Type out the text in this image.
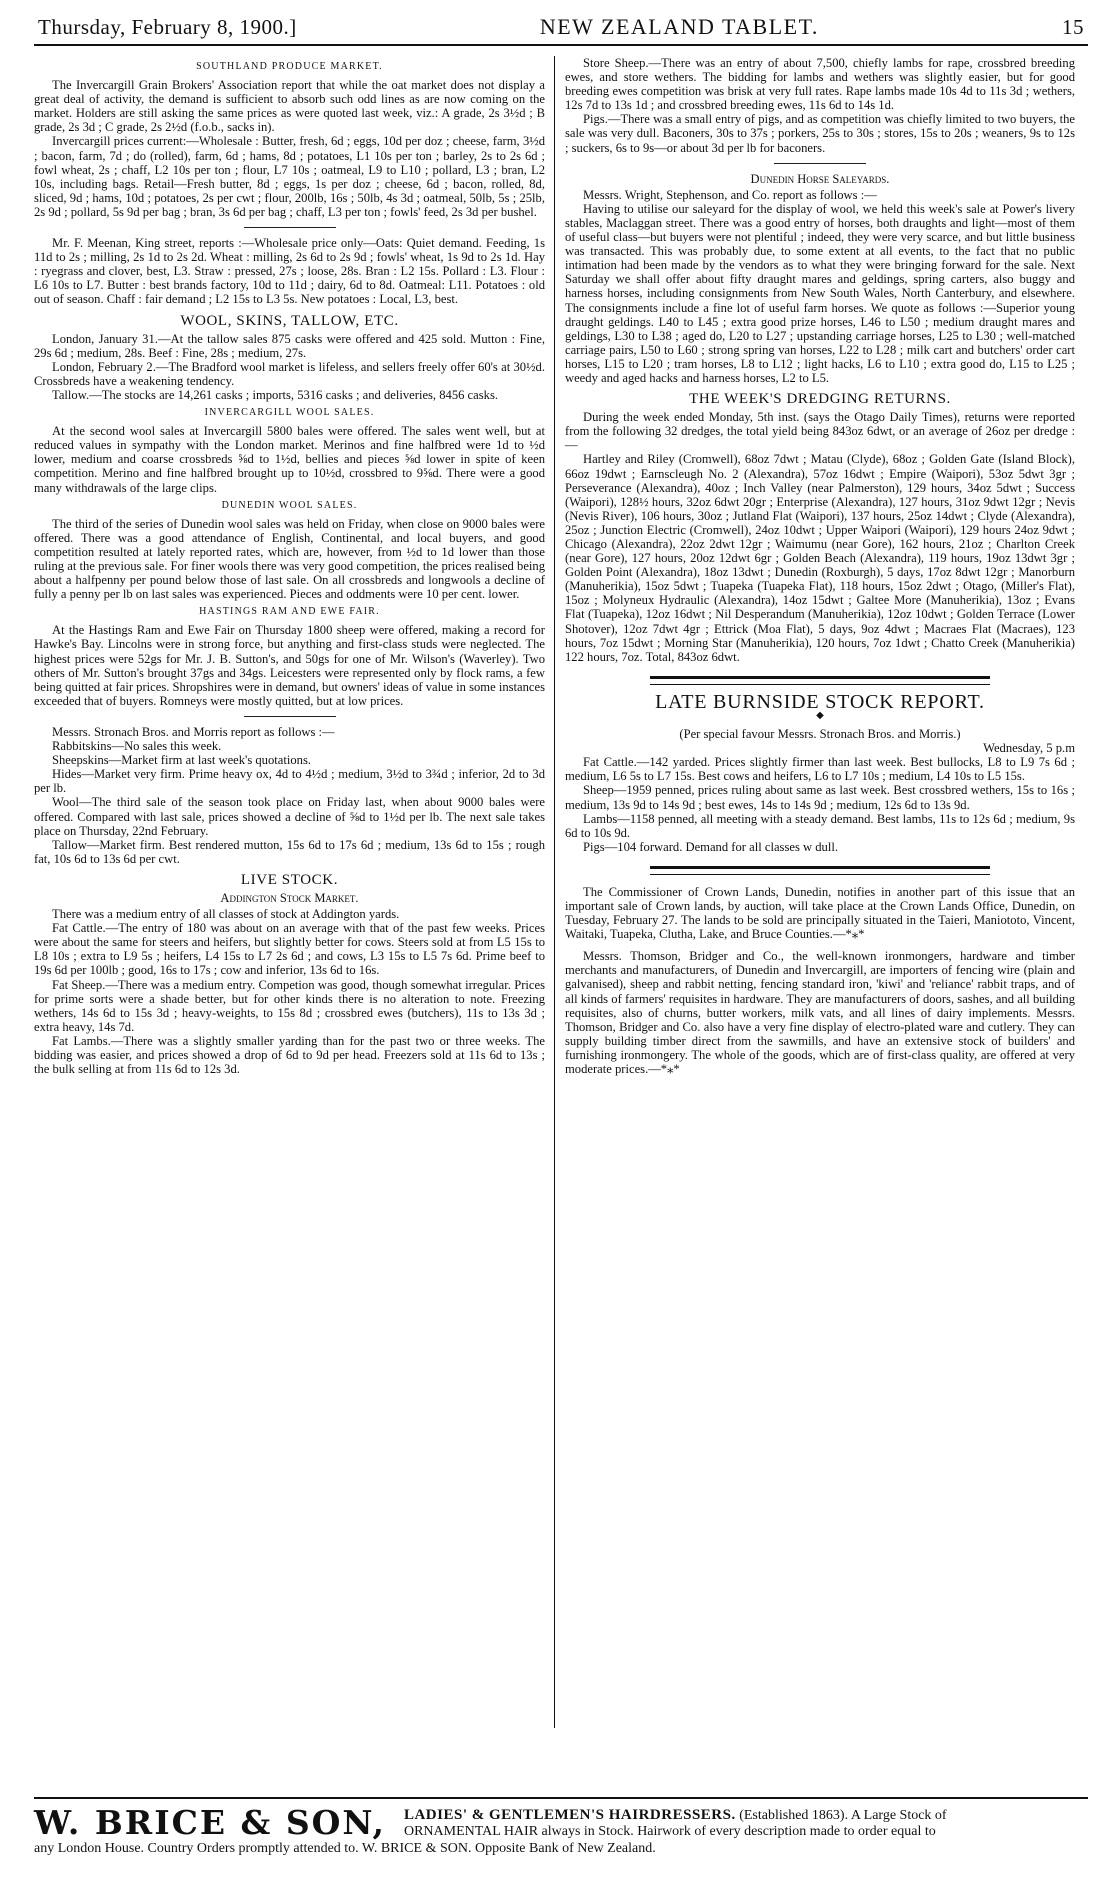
Thursday, February 8, 1900.]	NEW ZEALAND TABLET.	15
SOUTHLAND PRODUCE MARKET.

The Invercargill Grain Brokers' Association report that while the oat market does not display a great deal of activity, the demand is sufficient to absorb such odd lines as are now coming on the market. Holders are still asking the same prices as were quoted last week, viz.: A grade, 2s 3½d ; B grade, 2s 3d ; C grade, 2s 2½d (f.o.b., sacks in).

Invercargill prices current:—Wholesale : Butter, fresh, 6d ; eggs, 10d per doz ; cheese, farm, 3½d ; bacon, farm, 7d ; do (rolled), farm, 6d ; hams, 8d ; potatoes, L1 10s per ton ; barley, 2s to 2s 6d ; fowl wheat, 2s ; chaff, L2 10s per ton ; flour, L7 10s ; oatmeal, L9 to L10 ; pollard, L3 ; bran, L2 10s, including bags. Retail—Fresh butter, 8d ; eggs, 1s per doz ; cheese, 6d ; bacon, rolled, 8d, sliced, 9d ; hams, 10d ; potatoes, 2s per cwt ; flour, 200lb, 16s ; 50lb, 4s 3d ; oatmeal, 50lb, 5s ; 25lb, 2s 9d ; pollard, 5s 9d per bag ; bran, 3s 6d per bag ; chaff, L3 per ton ; fowls' feed, 2s 3d per bushel.

Mr. F. Meenan, King street, reports :—Wholesale price only—Oats: Quiet demand. Feeding, 1s 11d to 2s ; milling, 2s 1d to 2s 2d. Wheat : milling, 2s 6d to 2s 9d ; fowls' wheat, 1s 9d to 2s 1d. Hay : ryegrass and clover, best, L3. Straw : pressed, 27s ; loose, 28s. Bran : L2 15s. Pollard : L3. Flour : L6 10s to L7. Butter : best brands factory, 10d to 11d ; dairy, 6d to 8d. Oatmeal: L11. Potatoes : old out of season. Chaff : fair demand ; L2 15s to L3 5s. New potatoes : Local, L3, best.

WOOL, SKINS, TALLOW, ETC.

London, January 31.—At the tallow sales 875 casks were offered and 425 sold. Mutton : Fine, 29s 6d ; medium, 28s. Beef : Fine, 28s ; medium, 27s.

London, February 2.—The Bradford wool market is lifeless, and sellers freely offer 60's at 30½d. Crossbreds have a weakening tendency.

Tallow.—The stocks are 14,261 casks ; imports, 5316 casks ; and deliveries, 8456 casks.

INVERCARGILL WOOL SALES.

At the second wool sales at Invercargill 5800 bales were offered. The sales went well, but at reduced values in sympathy with the London market. Merinos and fine halfbred were 1d to ½d lower, medium and coarse crossbreds ⅝d to 1½d, bellies and pieces ⅝d lower in spite of keen competition. Merino and fine halfbred brought up to 10½d, crossbred to 9⅝d. There were a good many withdrawals of the large clips.

DUNEDIN WOOL SALES.

The third of the series of Dunedin wool sales was held on Friday, when close on 9000 bales were offered. There was a good attendance of English, Continental, and local buyers, and good competition resulted at lately reported rates, which are, however, from ½d to 1d lower than those ruling at the previous sale. For finer wools there was very good competition, the prices realised being about a halfpenny per pound below those of last sale. On all crossbreds and longwools a decline of fully a penny per lb on last sales was experienced. Pieces and oddments were 10 per cent. lower.

HASTINGS RAM AND EWE FAIR.

At the Hastings Ram and Ewe Fair on Thursday 1800 sheep were offered, making a record for Hawke's Bay. Lincolns were in strong force, but anything and first-class studs were neglected. The highest prices were 52gs for Mr. J. B. Sutton's, and 50gs for one of Mr. Wilson's (Waverley). Two others of Mr. Sutton's brought 37gs and 34gs. Leicesters were represented only by flock rams, a few being quitted at fair prices. Shropshires were in demand, but owners' ideas of value in some instances exceeded that of buyers. Romneys were mostly quitted, but at low prices.

Messrs. Stronach Bros. and Morris report as follows :—

Rabbitskins—No sales this week.

Sheepskins—Market firm at last week's quotations.

Hides—Market very firm. Prime heavy ox, 4d to 4½d ; medium, 3½d to 3¾d ; inferior, 2d to 3d per lb.

Wool—The third sale of the season took place on Friday last, when about 9000 bales were offered. Compared with last sale, prices showed a decline of ⅝d to 1½d per lb. The next sale takes place on Thursday, 22nd February.

Tallow—Market firm. Best rendered mutton, 15s 6d to 17s 6d ; medium, 13s 6d to 15s ; rough fat, 10s 6d to 13s 6d per cwt.

LIVE STOCK.
Addington Stock Market.

There was a medium entry of all classes of stock at Addington yards.

Fat Cattle.—The entry of 180 was about on an average with that of the past few weeks. Prices were about the same for steers and heifers, but slightly better for cows. Steers sold at from L5 15s to L8 10s ; extra to L9 5s ; heifers, L4 15s to L7 2s 6d ; and cows, L3 15s to L5 7s 6d. Prime beef to 19s 6d per 100lb ; good, 16s to 17s ; cow and inferior, 13s 6d to 16s.

Fat Sheep.—There was a medium entry. Competion was good, though somewhat irregular. Prices for prime sorts were a shade better, but for other kinds there is no alteration to note. Freezing wethers, 14s 6d to 15s 3d ; heavy-weights, to 15s 8d ; crossbred ewes (butchers), 11s to 13s 3d ; extra heavy, 14s 7d.

Fat Lambs.—There was a slightly smaller yarding than for the past two or three weeks. The bidding was easier, and prices showed a drop of 6d to 9d per head. Freezers sold at 11s 6d to 13s ; the bulk selling at from 11s 6d to 12s 3d.

Store Sheep.—There was an entry of about 7,500, chiefly lambs for rape, crossbred breeding ewes, and store wethers. The bidding for lambs and wethers was slightly easier, but for good breeding ewes competition was brisk at very full rates. Rape lambs made 10s 4d to 11s 3d ; wethers, 12s 7d to 13s 1d ; and crossbred breeding ewes, 11s 6d to 14s 1d.

Pigs.—There was a small entry of pigs, and as competition was chiefly limited to two buyers, the sale was very dull. Baconers, 30s to 37s ; porkers, 25s to 30s ; stores, 15s to 20s ; weaners, 9s to 12s ; suckers, 6s to 9s—or about 3d per lb for baconers.

Dunedin Horse Saleyards.

Messrs. Wright, Stephenson, and Co. report as follows :—

Having to utilise our saleyard for the display of wool, we held this week's sale at Power's livery stables, Maclaggan street. There was a good entry of horses, both draughts and light—most of them of useful class—but buyers were not plentiful ; indeed, they were very scarce, and but little business was transacted. This was probably due, to some extent at all events, to the fact that no public intimation had been made by the vendors as to what they were bringing forward for the sale. Next Saturday we shall offer about fifty draught mares and geldings, spring carters, also buggy and harness horses, including consignments from New South Wales, North Canterbury, and elsewhere. The consignments include a fine lot of useful farm horses. We quote as follows :—Superior young draught geldings. L40 to L45 ; extra good prize horses, L46 to L50 ; medium draught mares and geldings, L30 to L38 ; aged do, L20 to L27 ; upstanding carriage horses, L25 to L30 ; well-matched carriage pairs, L50 to L60 ; strong spring van horses, L22 to L28 ; milk cart and butchers' order cart horses, L15 to L20 ; tram horses, L8 to L12 ; light hacks, L6 to L10 ; extra good do, L15 to L25 ; weedy and aged hacks and harness horses, L2 to L5.

THE WEEK'S DREDGING RETURNS.

During the week ended Monday, 5th inst. (says the Otago Daily Times), returns were reported from the following 32 dredges, the total yield being 843oz 6dwt, or an average of 26oz per dredge :—

Hartley and Riley (Cromwell), 68oz 7dwt ; Matau (Clyde), 68oz ; Golden Gate (Island Block), 66oz 19dwt ; Earnscleugh No. 2 (Alexandra), 57oz 16dwt ; Empire (Waipori), 53oz 5dwt 3gr ; Perseverance (Alexandra), 40oz ; Inch Valley (near Palmerston), 129 hours, 34oz 5dwt ; Success (Waipori), 128½ hours, 32oz 6dwt 20gr ; Enterprise (Alexandra), 127 hours, 31oz 9dwt 12gr ; Nevis (Nevis River), 106 hours, 30oz ; Jutland Flat (Waipori), 137 hours, 25oz 14dwt ; Clyde (Alexandra), 25oz ; Junction Electric (Cromwell), 24oz 10dwt ; Upper Waipori (Waipori), 129 hours 24oz 9dwt ; Chicago (Alexandra), 22oz 2dwt 12gr ; Waimumu (near Gore), 162 hours, 21oz ; Charlton Creek (near Gore), 127 hours, 20oz 12dwt 6gr ; Golden Beach (Alexandra), 119 hours, 19oz 13dwt 3gr ; Golden Point (Alexandra), 18oz 13dwt ; Dunedin (Roxburgh), 5 days, 17oz 8dwt 12gr ; Manorburn (Manuherikia), 15oz 5dwt ; Tuapeka (Tuapeka Flat), 118 hours, 15oz 2dwt ; Otago, (Miller's Flat), 15oz ; Molyneux Hydraulic (Alexandra), 14oz 15dwt ; Galtee More (Manuherikia), 13oz ; Evans Flat (Tuapeka), 12oz 16dwt ; Nil Desperandum (Manuherikia), 12oz 10dwt ; Golden Terrace (Lower Shotover), 12oz 7dwt 4gr ; Ettrick (Moa Flat), 5 days, 9oz 4dwt ; Macraes Flat (Macraes), 123 hours, 7oz 15dwt ; Morning Star (Manuherikia), 120 hours, 7oz 1dwt ; Chatto Creek (Manuherikia) 122 hours, 7oz. Total, 843oz 6dwt.

LATE BURNSIDE STOCK REPORT.
◆

(Per special favour Messrs. Stronach Bros. and Morris.)

Wednesday, 5 p.m

Fat Cattle.—142 yarded. Prices slightly firmer than last week. Best bullocks, L8 to L9 7s 6d ; medium, L6 5s to L7 15s. Best cows and heifers, L6 to L7 10s ; medium, L4 10s to L5 15s.

Sheep—1959 penned, prices ruling about same as last week. Best crossbred wethers, 15s to 16s ; medium, 13s 9d to 14s 9d ; best ewes, 14s to 14s 9d ; medium, 12s 6d to 13s 9d.

Lambs—1158 penned, all meeting with a steady demand. Best lambs, 11s to 12s 6d ; medium, 9s 6d to 10s 9d.

Pigs—104 forward. Demand for all classes w dull.

The Commissioner of Crown Lands, Dunedin, notifies in another part of this issue that an important sale of Crown lands, by auction, will take place at the Crown Lands Office, Dunedin, on Tuesday, February 27. The lands to be sold are principally situated in the Taieri, Maniototo, Vincent, Waitaki, Tuapeka, Clutha, Lake, and Bruce Counties.—*⁎*

Messrs. Thomson, Bridger and Co., the well-known ironmongers, hardware and timber merchants and manufacturers, of Dunedin and Invercargill, are importers of fencing wire (plain and galvanised), sheep and rabbit netting, fencing standard iron, 'kiwi' and 'reliance' rabbit traps, and of all kinds of farmers' requisites in hardware. They are manufacturers of doors, sashes, and all building requisites, also of churns, butter workers, milk vats, and all lines of dairy implements. Messrs. Thomson, Bridger and Co. also have a very fine display of electro-plated ware and cutlery. They can supply building timber direct from the sawmills, and have an extensive stock of builders' and furnishing ironmongery. The whole of the goods, which are of first-class quality, are offered at very moderate prices.—*⁎*

W. BRICE & SON, LADIES' & GENTLEMEN'S HAIRDRESSERS. (Established 1863). A Large Stock of
ORNAMENTAL HAIR always in Stock. Hairwork of every description made to order equal to
any London House. Country Orders promptly attended to. W. BRICE & SON. Opposite Bank of New Zealand.
